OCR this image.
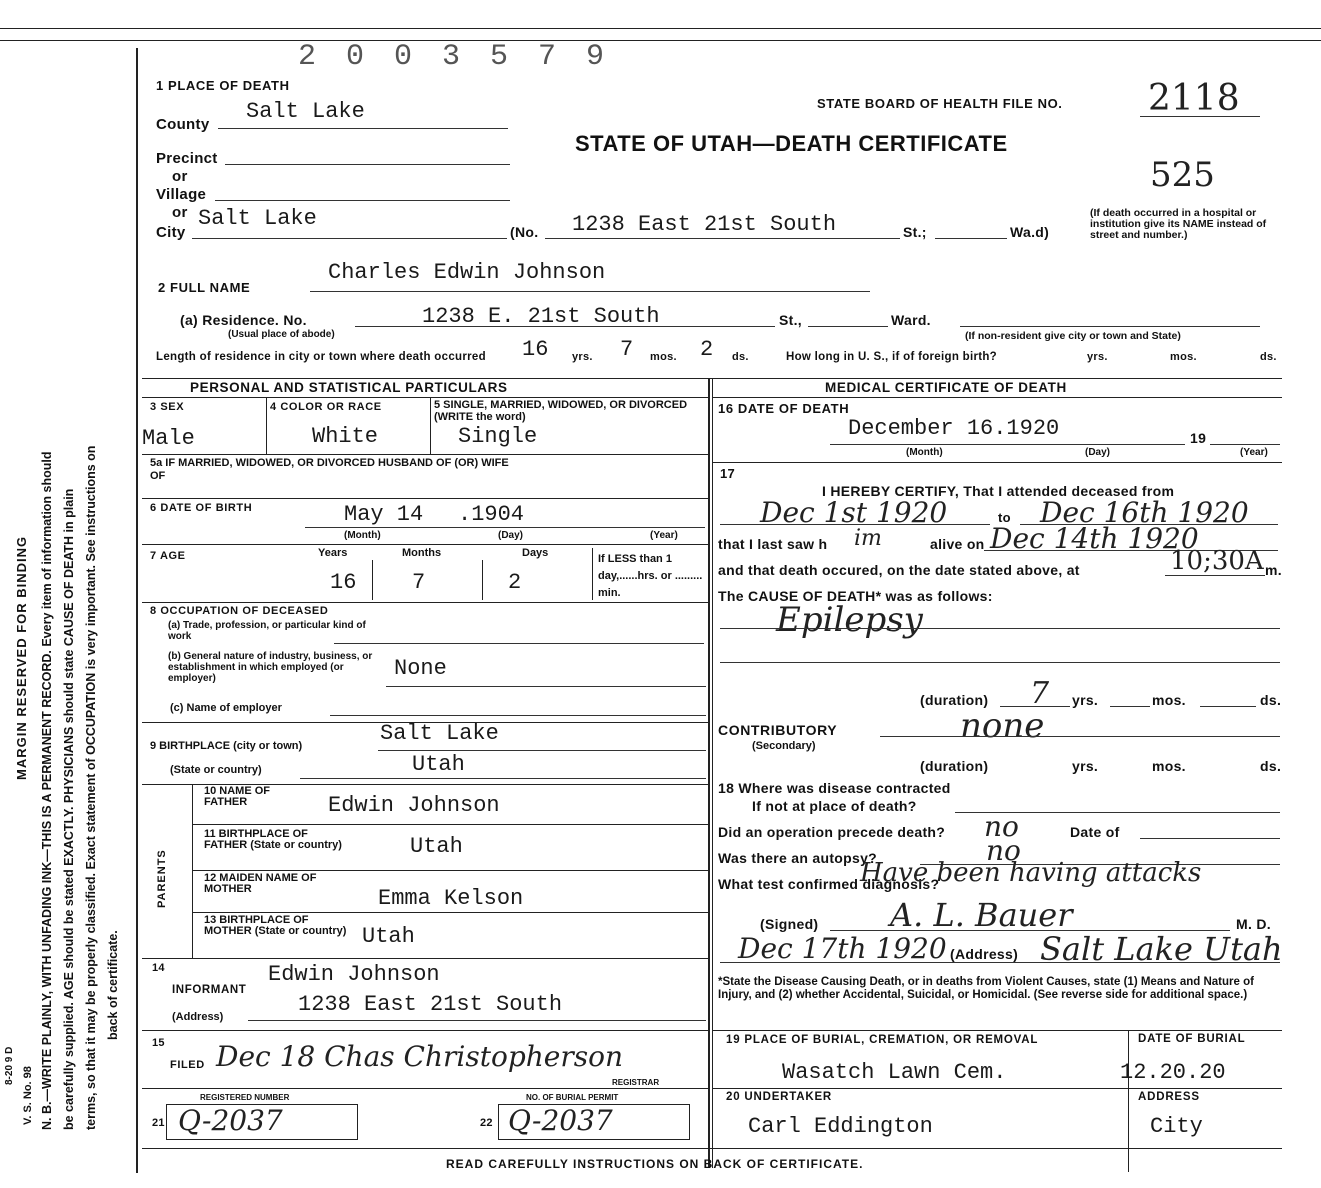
MARGIN RESERVED FOR BINDING N. B.—WRITE PLAINLY, WITH UNFADING INK—THIS IS A PERMANENT RECORD. Every item of information should be carefully supplied. AGE should be stated EXACTLY. PHYSICIANS should state CAUSE OF DEATH in plain terms, so that it may be properly classified. Exact statement of OCCUPATION is very important. See instructions on back of certificate.
V. S. No. 98
8-20 9 D
1 PLACE OF DEATH
2 0 0 3 5 7 9
STATE BOARD OF HEALTH FILE NO. 2118
STATE OF UTAH—DEATH CERTIFICATE
525
County
Salt Lake
Precinct
or
Village
or
City
Salt Lake
(No. 1238 East 21st South	St.;	Wa.d)
(If death occurred in a hospital or institution give its NAME instead of street and number.)
2 FULL NAME
Charles Edwin Johnson
(a) Residence. No.
(Usual place of abode)
1238 E. 21st South	St.,	Ward.
(If non-resident give city or town and State)
Length of residence in city or town where death occurred 16 yrs. 7 mos. 2 ds.	How long in U. S., if of foreign birth?	yrs.	mos.	ds.
PERSONAL AND STATISTICAL PARTICULARS
3 SEX
Male
4 COLOR OR RACE
White
5 SINGLE, MARRIED, WIDOWED, OR DIVORCED (WRITE the word)
Single
5a IF MARRIED, WIDOWED, OR DIVORCED HUSBAND OF (OR) WIFE OF
6 DATE OF BIRTH	May 14 .1904
(Month)	(Day)	(Year)
7 AGE	Years	Months	Days
16	7	2
If LESS than 1 day,......hrs. or ......... min.
8 OCCUPATION OF DECEASED
(a) Trade, profession, or particular kind of work
(b) General nature of industry, business, or establishment in which employed (or employer)	None
(c) Name of employer
9 BIRTHPLACE (city or town)	Salt Lake
(State or country)	Utah
PARENTS
10 NAME OF FATHER	Edwin Johnson
11 BIRTHPLACE OF FATHER (State or country)	Utah
12 MAIDEN NAME OF MOTHER	Emma Kelson
13 BIRTHPLACE OF MOTHER (State or country) Utah
14
INFORMANT
Edwin Johnson
(Address)	1238 East 21st South
15
FILED Dec 18 Chas Christopherson
REGISTRAR
REGISTERED NUMBER	NO. OF BURIAL PERMIT
21 Q-2037	22 Q-2037
MEDICAL CERTIFICATE OF DEATH
16 DATE OF DEATH
December 16.1920	19
(Month)	(Day)	(Year)
17
I HEREBY CERTIFY, That I attended deceased from
Dec 1st 1920	to Dec 16th 1920
that I last saw h im	alive on Dec 14th 1920
and that death occured, on the date stated above, at	10;30A m.
The CAUSE OF DEATH* was as follows:
Epilepsy
(duration) 7 yrs.	mos.	ds.
CONTRIBUTORY
(Secondary)	none
(duration)	yrs.	mos.	ds.
18 Where was disease contracted
If not at place of death?
Did an operation precede death? no	Date of
Was there an autopsy?	no
What test confirmed diagnosis?
Have been having attacks
(Signed) A. L. Bauer	M. D.
Dec 17th 1920 (Address) Salt Lake Utah
*State the Disease Causing Death, or in deaths from Violent Causes, state (1) Means and Nature of Injury, and (2) whether Accidental, Suicidal, or Homicidal. (See reverse side for additional space.)
19 PLACE OF BURIAL, CREMATION, OR REMOVAL
Wasatch Lawn Cem.
DATE OF BURIAL
12.20.20
20 UNDERTAKER
Carl Eddington
ADDRESS
City
READ CAREFULLY INSTRUCTIONS ON BACK OF CERTIFICATE.
